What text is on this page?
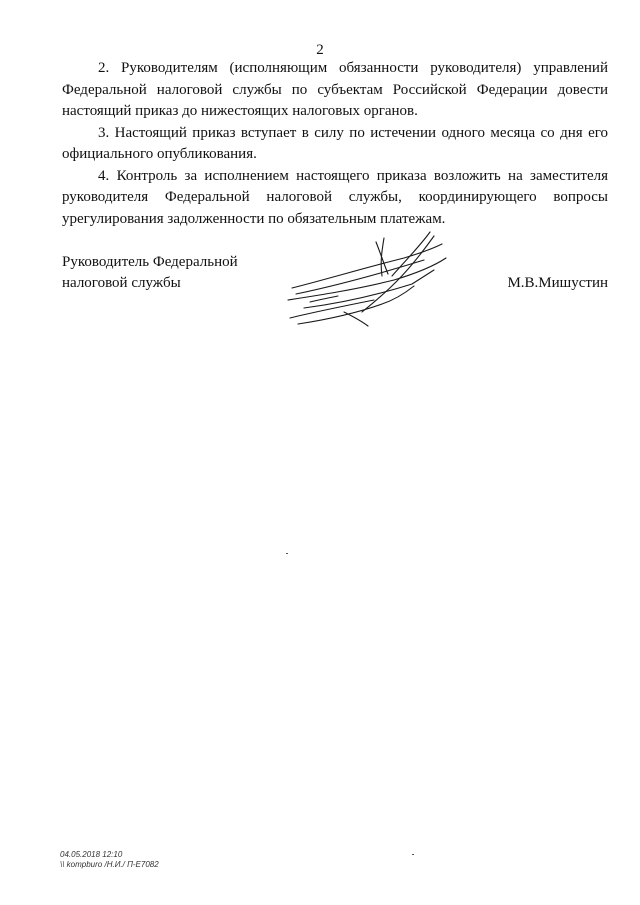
2

2. Руководителям (исполняющим обязанности руководителя) управлений Федеральной налоговой службы по субъектам Российской Федерации довести настоящий приказ до нижестоящих налоговых органов.

3. Настоящий приказ вступает в силу по истечении одного месяца со дня его официального опубликования.

4. Контроль за исполнением настоящего приказа возложить на заместителя руководителя Федеральной налоговой службы, координирующего вопросы урегулирования задолженности по обязательным платежам.

Руководитель Федеральной
налоговой службы	М.В.Мишустин
04.05.2018 12:10
\\ kompburo /Н.И./ П-Е7082
